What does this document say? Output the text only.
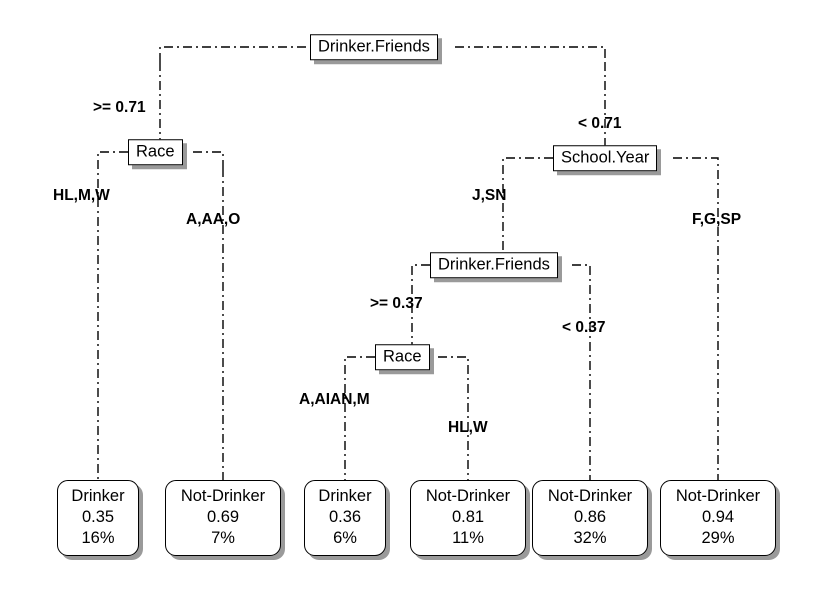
Drinker.Friends
Race	School.Year
Drinker.Friends
Race
>= 0.71
< 0.71
HL,M,W
A,AA,O
J,SN
F,G,SP
>= 0.37
< 0.37
A,AIAN,M
HL,W
Drinker
0.35
16%
Not-Drinker
0.69
7%
Drinker
0.36
6%
Not-Drinker
0.81
11%
Not-Drinker
0.86
32%
Not-Drinker
0.94
29%
